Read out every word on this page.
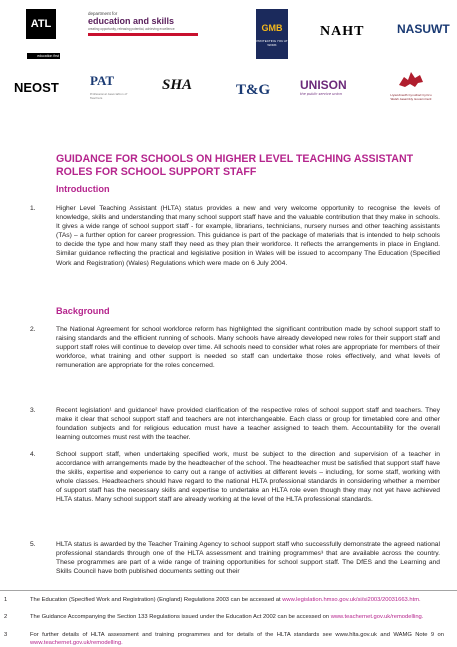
ATL
education first
department for
education and skills
creating opportunity, releasing potential, achieving excellence	GMB
PROTECTING YOU AT WORK
NAHT	NASUWT
NEOST PAT
Professional Association of Teachers
SHA	T&G UNISON
the public service union	Llywodraeth Cynulliad Cymru
Welsh Assembly Government
GUIDANCE FOR SCHOOLS ON HIGHER LEVEL TEACHING ASSISTANT ROLES FOR SCHOOL SUPPORT STAFF
Introduction
1.	Higher Level Teaching Assistant (HLTA) status provides a new and very welcome opportunity to recognise the levels of knowledge, skills and understanding that many school support staff have and the valuable contribution that they make in schools. It gives a wide range of school support staff - for example, librarians, technicians, nursery nurses and other teaching assistants (TAs) – a further option for career progression. This guidance is part of the package of materials that is intended to help schools to decide the type and how many staff they need as they plan their workforce. It reflects the arrangements in place in England. Similar guidance reflecting the practical and legislative position in Wales will be issued to accompany The Education (Specified Work and Registration) (Wales) Regulations which were made on 6 July 2004.
Background
2.	The National Agreement for school workforce reform has highlighted the significant contribution made by school support staff to raising standards and the efficient running of schools. Many schools have already developed new roles for their support staff and support staff roles will continue to develop over time. All schools need to consider what roles are appropriate for members of their workforce, what training and other support is needed so staff can undertake those roles effectively, and what levels of remuneration are appropriate for the roles concerned.
3.	Recent legislation¹ and guidance² have provided clarification of the respective roles of school support staff and teachers. They make it clear that school support staff and teachers are not interchangeable. Each class or group for timetabled core and other foundation subjects and for religious education must have a teacher assigned to teach them. Accountability for the overall learning outcomes must rest with the teacher.
4.	School support staff, when undertaking specified work, must be subject to the direction and supervision of a teacher in accordance with arrangements made by the headteacher of the school. The headteacher must be satisfied that support staff have the skills, expertise and experience to carry out a range of activities at different levels – including, for some staff, working with whole classes. Headteachers should have regard to the national HLTA professional standards in considering whether a member of support staff has the necessary skills and expertise to undertake an HLTA role even though they may not yet have achieved HLTA status. Many school support staff are already working at the level of the HLTA professional standards.
5.	HLTA status is awarded by the Teacher Training Agency to school support staff who successfully demonstrate the agreed national professional standards through one of the HLTA assessment and training programmes³ that are available across the country. These programmes are part of a wide range of training opportunities for school support staff. The DfES and the Learning and Skills Council have both published documents setting out their
1	The Education (Specified Work and Registration) (England) Regulations 2003 can be accessed at www.legislation.hmso.gov.uk/si/si2003/20031663.htm.
2	The Guidance Accompanying the Section 133 Regulations issued under the Education Act 2002 can be accessed on www.teachernet.gov.uk/remodelling.
3	For further details of HLTA assessment and training programmes and for details of the HLTA standards see www.hlta.gov.uk and WAMG Note 9 on www.teachernet.gov.uk/remodelling.
